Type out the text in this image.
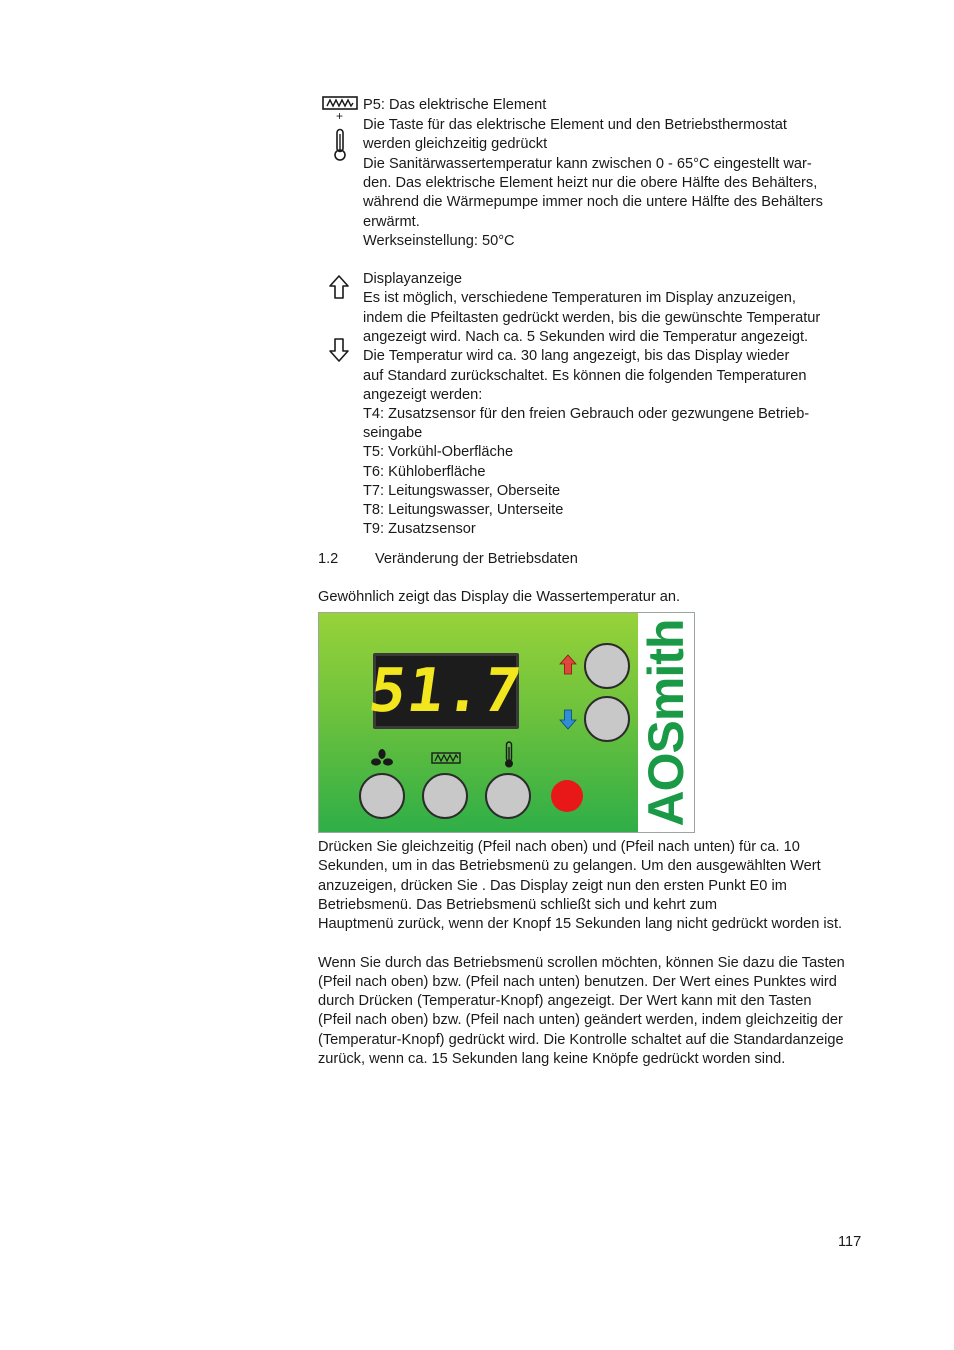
+
P5: Das elektrische Element
Die Taste für das elektrische Element und den Betriebsthermostat
werden gleichzeitig gedrückt
Die Sanitärwassertemperatur kann zwischen 0 - 65°C eingestellt war-
den. Das elektrische Element heizt nur die obere Hälfte des Behälters,
während die Wärmepumpe immer noch die untere Hälfte des Behälters
erwärmt.
Werkseinstellung: 50°C
Displayanzeige
Es ist möglich, verschiedene Temperaturen im Display anzuzeigen,
indem die Pfeiltasten gedrückt werden, bis die gewünschte Temperatur
angezeigt wird. Nach ca. 5 Sekunden wird die Temperatur angezeigt.
Die Temperatur wird ca. 30 lang angezeigt, bis das Display wieder
auf Standard zurückschaltet. Es können die folgenden Temperaturen
angezeigt werden:
T4: Zusatzsensor für den freien Gebrauch oder gezwungene Betrieb-
seingabe
T5: Vorkühl-Oberfläche
T6: Kühloberfläche
T7: Leitungswasser, Oberseite
T8: Leitungswasser, Unterseite
T9: Zusatzsensor
1.2	Veränderung der Betriebsdaten
Gewöhnlich zeigt das Display die Wassertemperatur an.
51.7 AOSmith
Drücken Sie gleichzeitig (Pfeil nach oben) und (Pfeil nach unten) für ca. 10
Sekunden, um in das Betriebsmenü zu gelangen. Um den ausgewählten Wert
anzuzeigen, drücken Sie . Das Display zeigt nun den ersten Punkt E0 im
Betriebsmenü. Das Betriebsmenü schließt sich und kehrt zum
Hauptmenü zurück, wenn der Knopf 15 Sekunden lang nicht gedrückt worden ist.
Wenn Sie durch das Betriebsmenü scrollen möchten, können Sie dazu die Tasten
(Pfeil nach oben) bzw. (Pfeil nach unten) benutzen. Der Wert eines Punktes wird
durch Drücken (Temperatur-Knopf) angezeigt. Der Wert kann mit den Tasten
(Pfeil nach oben) bzw. (Pfeil nach unten) geändert werden, indem gleichzeitig der
(Temperatur-Knopf) gedrückt wird. Die Kontrolle schaltet auf die Standardanzeige
zurück, wenn ca. 15 Sekunden lang keine Knöpfe gedrückt worden sind.
117
